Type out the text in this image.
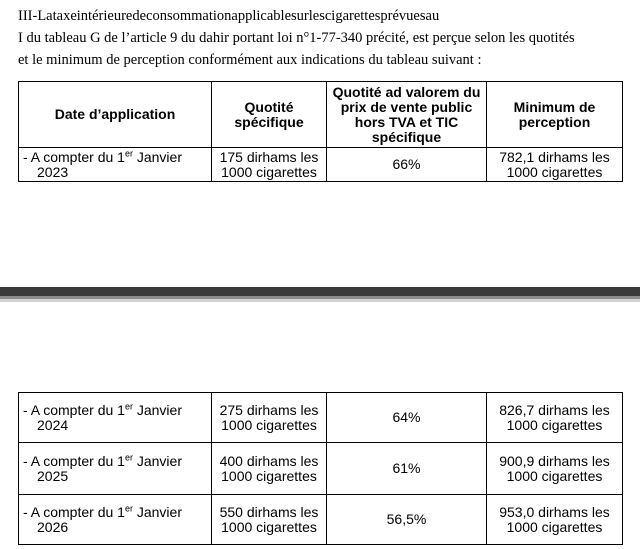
III-Lataxeintérieuredeconsommationapplicablesurlescigarettesprévuesau
I du tableau G de l’article 9 du dahir portant loi n°1-77-340 précité, est perçue selon les quotités
et le minimum de perception conformément aux indications du tableau suivant :
Date d’application	Quotité spécifique	Quotité ad valorem du prix de vente public hors TVA et TIC spécifique	Minimum de perception
- A compter du 1er Janvier
2023	175 dirhams les 1000 cigarettes	66%	782,1 dirhams les 1000 cigarettes
- A compter du 1er Janvier
2024	275 dirhams les 1000 cigarettes	64%	826,7 dirhams les 1000 cigarettes
- A compter du 1er Janvier
2025	400 dirhams les 1000 cigarettes	61%	900,9 dirhams les 1000 cigarettes
- A compter du 1er Janvier
2026	550 dirhams les 1000 cigarettes	56,5%	953,0 dirhams les 1000 cigarettes
